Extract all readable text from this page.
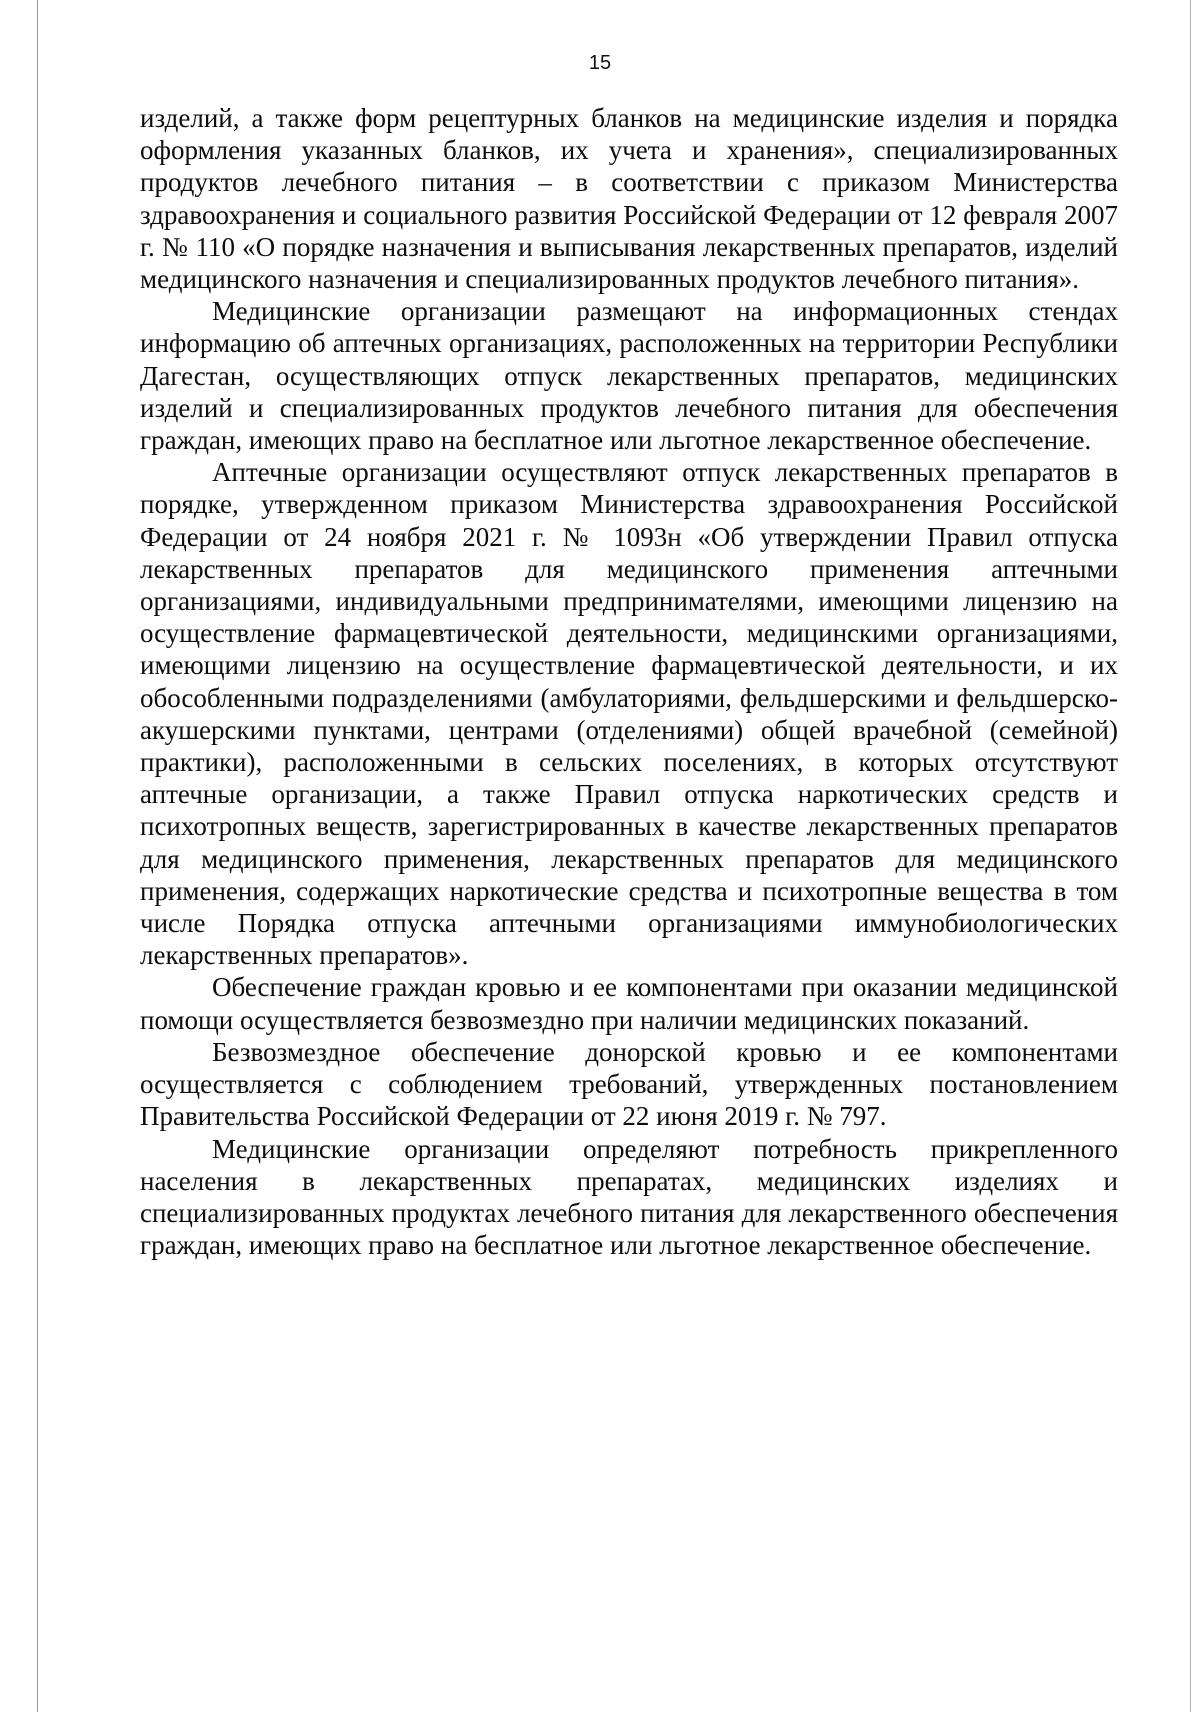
15

изделий, а также форм рецептурных бланков на медицинские изделия и порядка оформления указанных бланков, их учета и хранения», специализированных продуктов лечебного питания – в соответствии с приказом Министерства здравоохранения и социального развития Российской Федерации от 12 февраля 2007 г. № 110 «О порядке назначения и выписывания лекарственных препаратов, изделий медицинского назначения и специализированных продуктов лечебного питания».

Медицинские организации размещают на информационных стендах информацию об аптечных организациях, расположенных на территории Республики Дагестан, осуществляющих отпуск лекарственных препаратов, медицинских изделий и специализированных продуктов лечебного питания для обеспечения граждан, имеющих право на бесплатное или льготное лекарственное обеспечение.

Аптечные организации осуществляют отпуск лекарственных препаратов в порядке, утвержденном приказом Министерства здравоохранения Российской Федерации от 24 ноября 2021 г. № 1093н «Об утверждении Правил отпуска лекарственных препаратов для медицинского применения аптечными организациями, индивидуальными предпринимателями, имеющими лицензию на осуществление фармацевтической деятельности, медицинскими организациями, имеющими лицензию на осуществление фармацевтической деятельности, и их обособленными подразделениями (амбулаториями, фельдшерскими и фельдшерско-акушерскими пунктами, центрами (отделениями) общей врачебной (семейной) практики), расположенными в сельских поселениях, в которых отсутствуют аптечные организации, а также Правил отпуска наркотических средств и психотропных веществ, зарегистрированных в качестве лекарственных препаратов для медицинского применения, лекарственных препаратов для медицинского применения, содержащих наркотические средства и психотропные вещества в том числе Порядка отпуска аптечными организациями иммунобиологических лекарственных препаратов».

Обеспечение граждан кровью и ее компонентами при оказании медицинской помощи осуществляется безвозмездно при наличии медицинских показаний.

Безвозмездное обеспечение донорской кровью и ее компонентами осуществляется с соблюдением требований, утвержденных постановлением Правительства Российской Федерации от 22 июня 2019 г. № 797.

Медицинские организации определяют потребность прикрепленного населения в лекарственных препаратах, медицинских изделиях и специализированных продуктах лечебного питания для лекарственного обеспечения граждан, имеющих право на бесплатное или льготное лекарственное обеспечение.
